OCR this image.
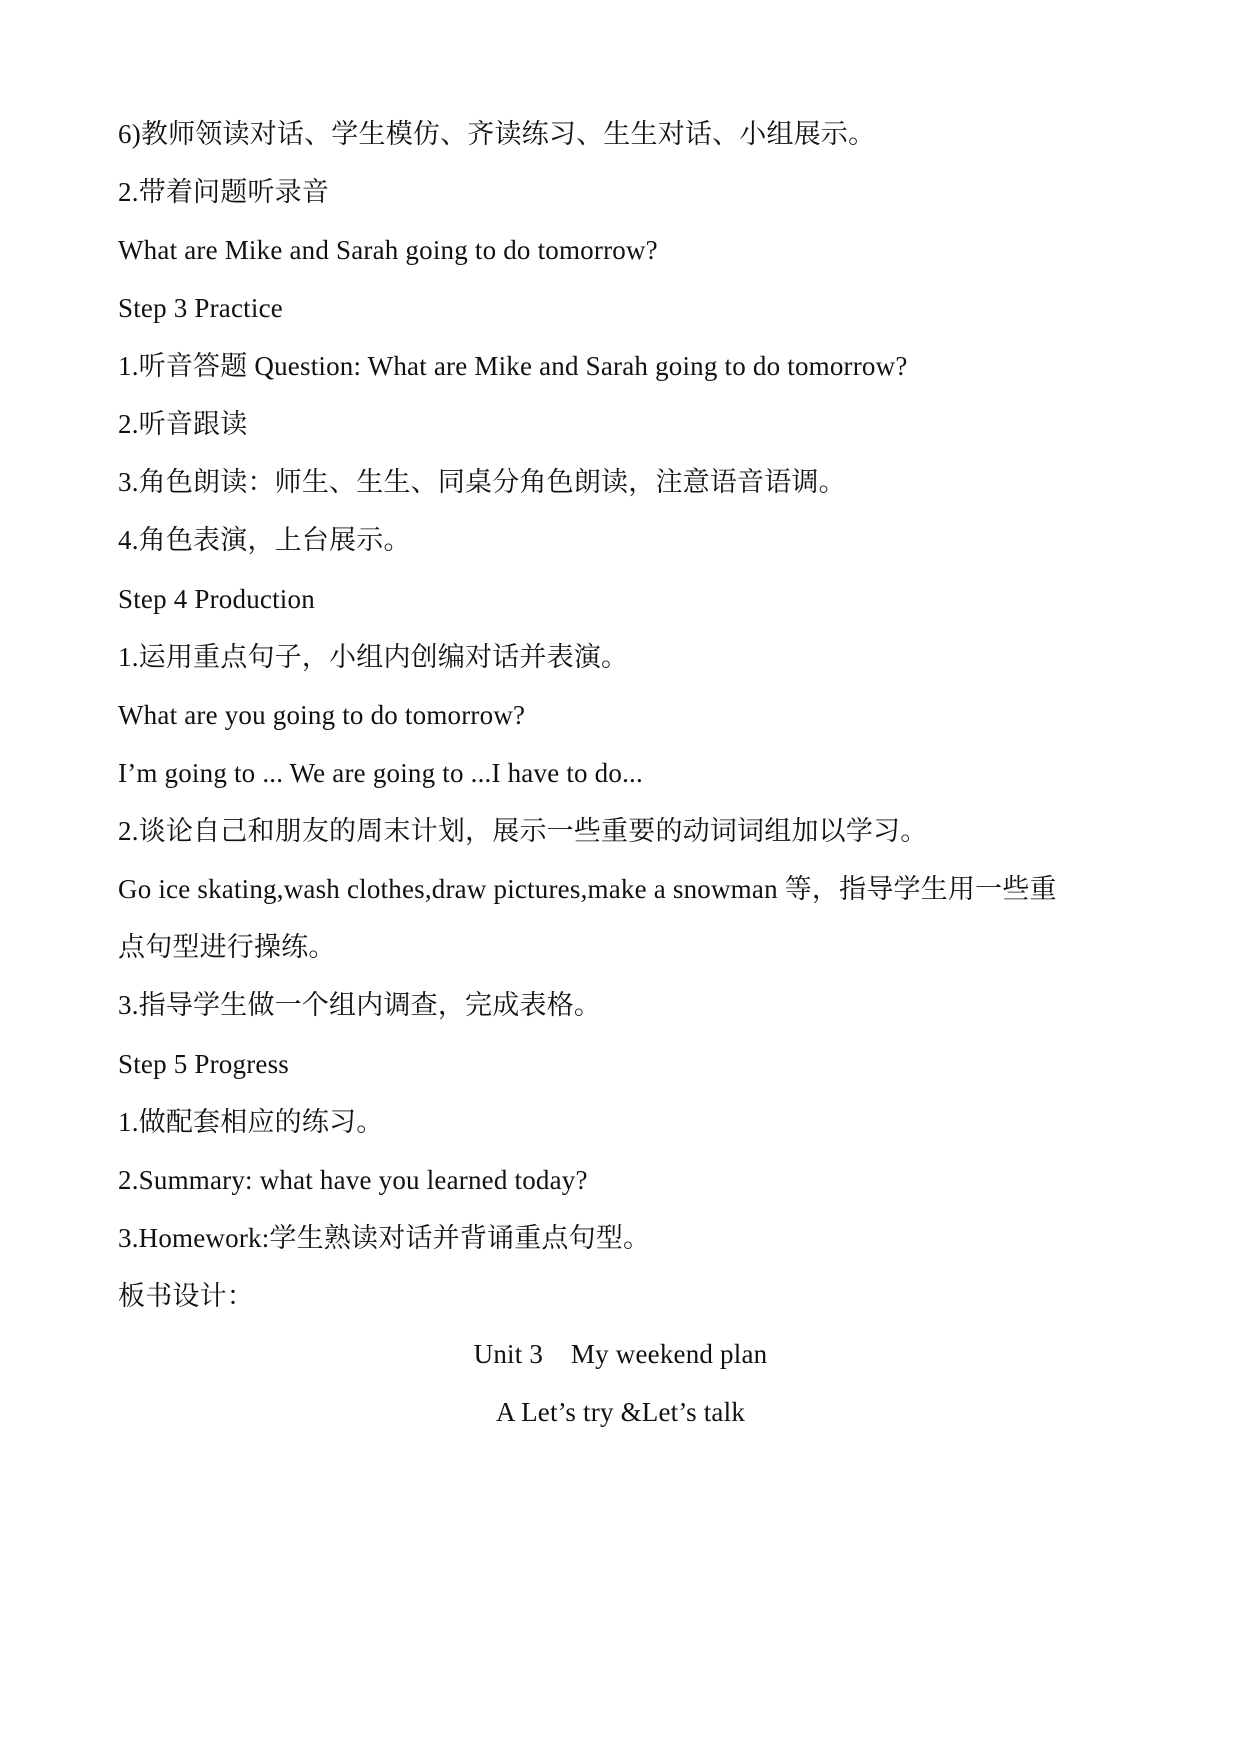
6)教师领读对话、学生模仿、齐读练习、生生对话、小组展示。
2.带着问题听录音
What are Mike and Sarah going to do tomorrow?
Step 3 Practice
1.听音答题 Question: What are Mike and Sarah going to do tomorrow?
2.听音跟读
3.角色朗读：师生、生生、同桌分角色朗读，注意语音语调。
4.角色表演，上台展示。
Step 4 Production
1.运用重点句子，小组内创编对话并表演。
What are you going to do tomorrow?
I’m going to ... We are going to ...I have to do...
2.谈论自己和朋友的周末计划，展示一些重要的动词词组加以学习。
Go ice skating,wash clothes,draw pictures,make a snowman 等，指导学生用一些重
点句型进行操练。
3.指导学生做一个组内调查，完成表格。
Step 5 Progress
1.做配套相应的练习。
2.Summary: what have you learned today?
3.Homework:学生熟读对话并背诵重点句型。
板书设计：
Unit 3    My weekend plan
A Let’s try &Let’s talk
